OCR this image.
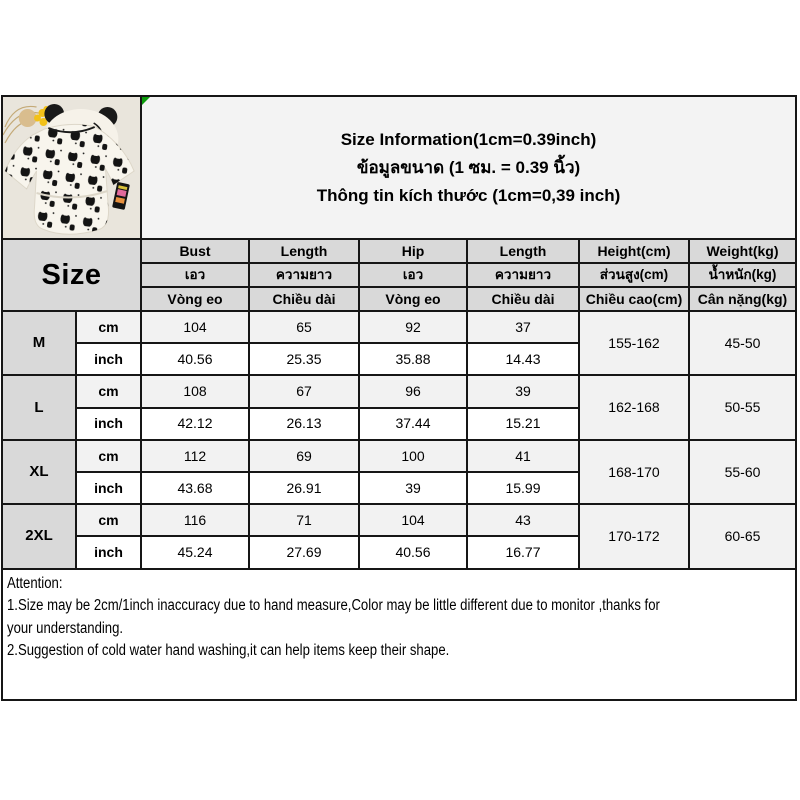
Size Information(1cm=0.39inch)
ข้อมูลขนาด (1 ซม. = 0.39 นิ้ว)
Thông tin kích thước (1cm=0,39 inch)
Size
Bust	Length	Hip	Length	Height(cm)	Weight(kg)
เอว	ความยาว	เอว	ความยาว	ส่วนสูง(cm)	น้ำหนัก(kg)
Vòng eo	Chiều dài	Vòng eo	Chiều dài	Chiều cao(cm)	Cân nặng(kg)
M
cm	104	65	92	37
155-162	45-50
inch	40.56	25.35	35.88	14.43
L
cm	108	67	96	39
162-168	50-55
inch	42.12	26.13	37.44	15.21
XL
cm	112	69	100	41
168-170	55-60
inch	43.68	26.91	39	15.99
2XL
cm	116	71	104	43
170-172	60-65
inch	45.24	27.69	40.56	16.77

Attention:

1.Size may be 2cm/1inch inaccuracy due to hand measure,Color may be little different due to monitor ,thanks for your understanding.

2.Suggestion of cold water hand washing,it can help items keep their shape.
